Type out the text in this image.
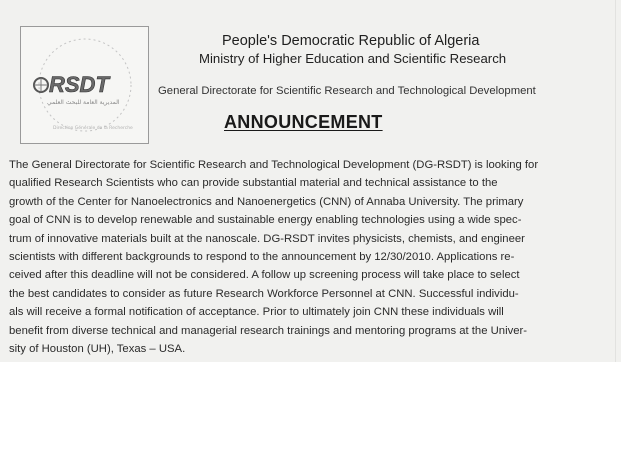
RSDT
المديرية العامة للبحث العلمي
Direction Générale de la Recherche
People's Democratic Republic of Algeria
Ministry of Higher Education and Scientific Research
General Directorate for Scientific Research and Technological Development
ANNOUNCEMENT
The General Directorate for Scientific Research and Technological Development (DG-RSDT) is looking for
qualified Research Scientists who can provide substantial material and technical assistance to the
growth of the Center for Nanoelectronics and Nanoenergetics (CNN) of Annaba University. The primary
goal of CNN is to develop renewable and sustainable energy enabling technologies using a wide spec-
trum of innovative materials built at the nanoscale. DG-RSDT invites physicists, chemists, and engineer
scientists with different backgrounds to respond to the announcement by 12/30/2010. Applications re-
ceived after this deadline will not be considered. A follow up screening process will take place to select
the best candidates to consider as future Research Workforce Personnel at CNN. Successful individu-
als will receive a formal notification of acceptance. Prior to ultimately join CNN these individuals will
benefit from diverse technical and managerial research trainings and mentoring programs at the Univer-
sity of Houston (UH), Texas – USA.
